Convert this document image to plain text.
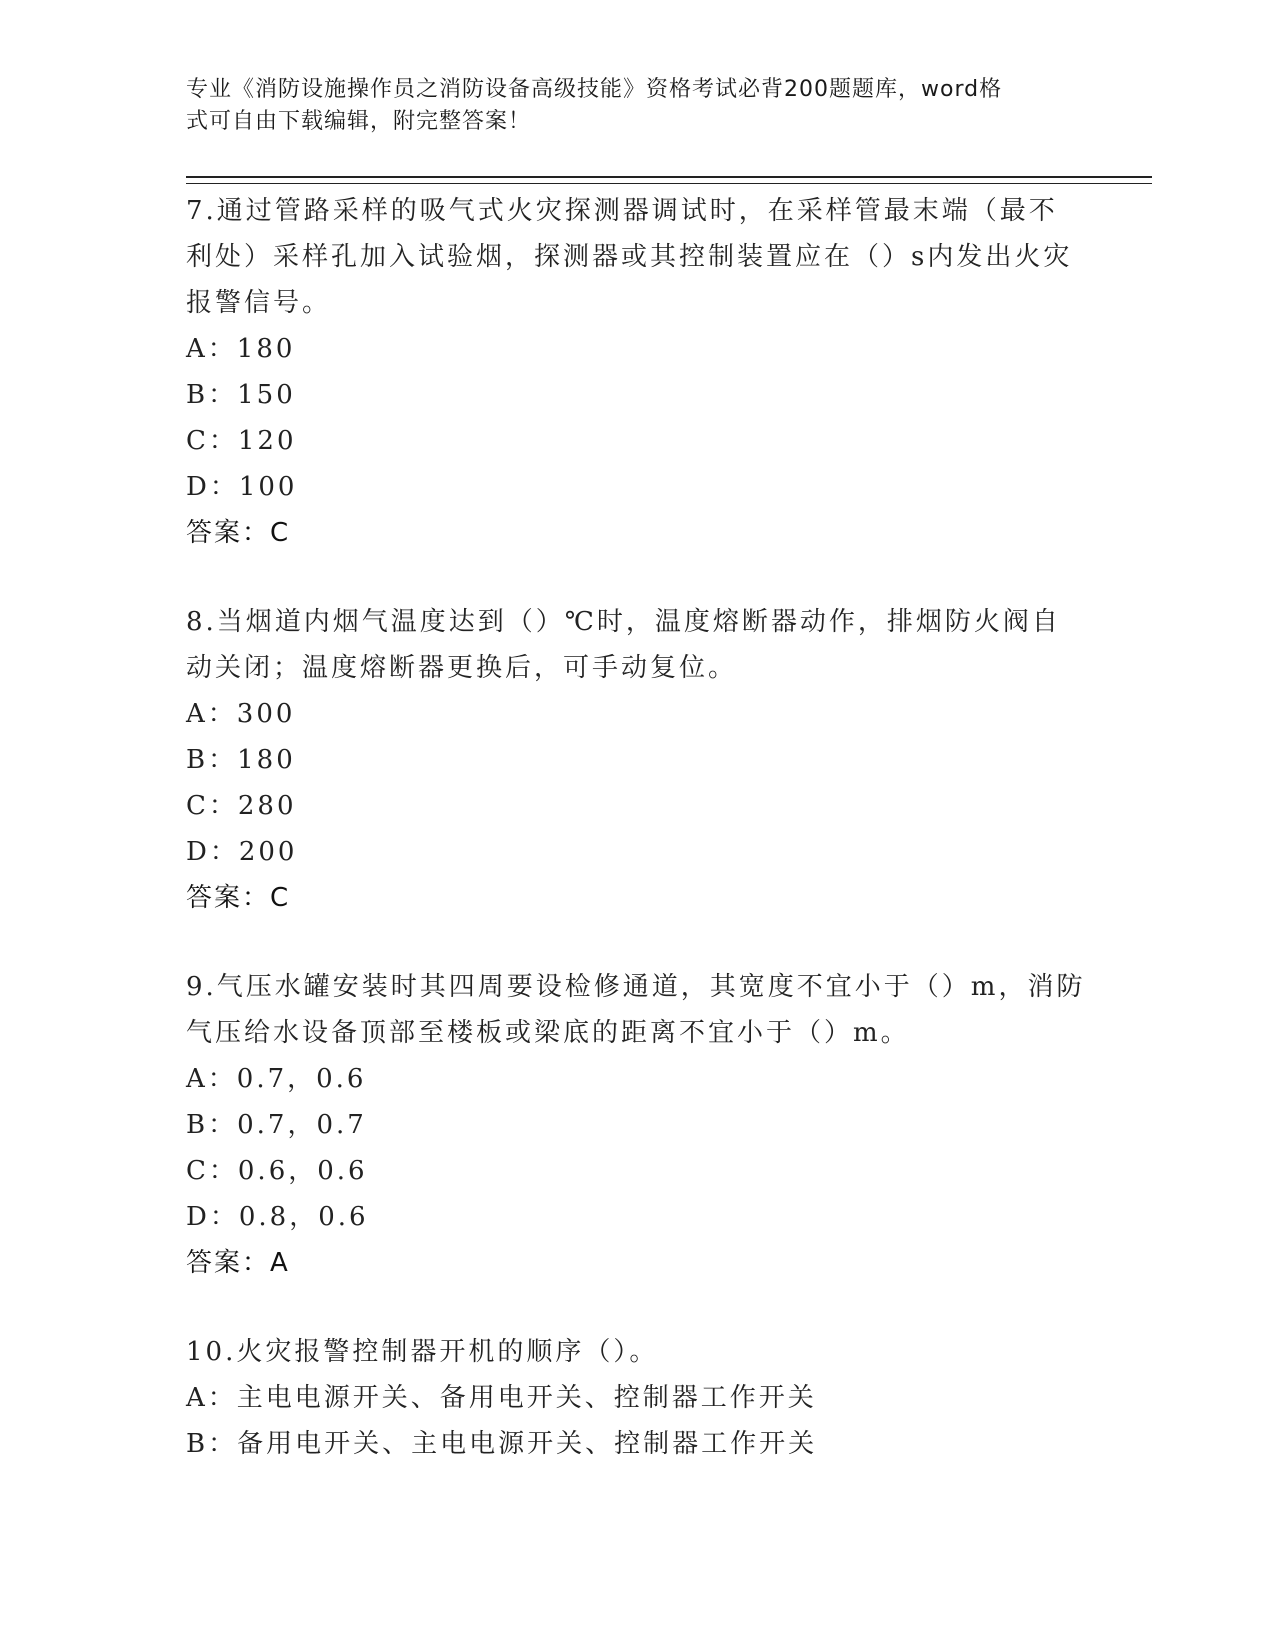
专业《消防设施操作员之消防设备高级技能》资格考试必背200题题库，word格
式可自由下载编辑，附完整答案！

7.通过管路采样的吸气式火灾探测器调试时，在采样管最末端（最不

利处）采样孔加入试验烟，探测器或其控制装置应在（）s内发出火灾

报警信号。

A：180

B：150

C：120

D：100

答案：C

8.当烟道内烟气温度达到（）℃时，温度熔断器动作，排烟防火阀自

动关闭；温度熔断器更换后，可手动复位。

A：300

B：180

C：280

D：200

答案：C

9.气压水罐安装时其四周要设检修通道，其宽度不宜小于（）m，消防

气压给水设备顶部至楼板或梁底的距离不宜小于（）m。

A：0.7，0.6

B：0.7，0.7

C：0.6，0.6

D：0.8，0.6

答案：A

10.火灾报警控制器开机的顺序（）。

A：主电电源开关、备用电开关、控制器工作开关

B：备用电开关、主电电源开关、控制器工作开关
